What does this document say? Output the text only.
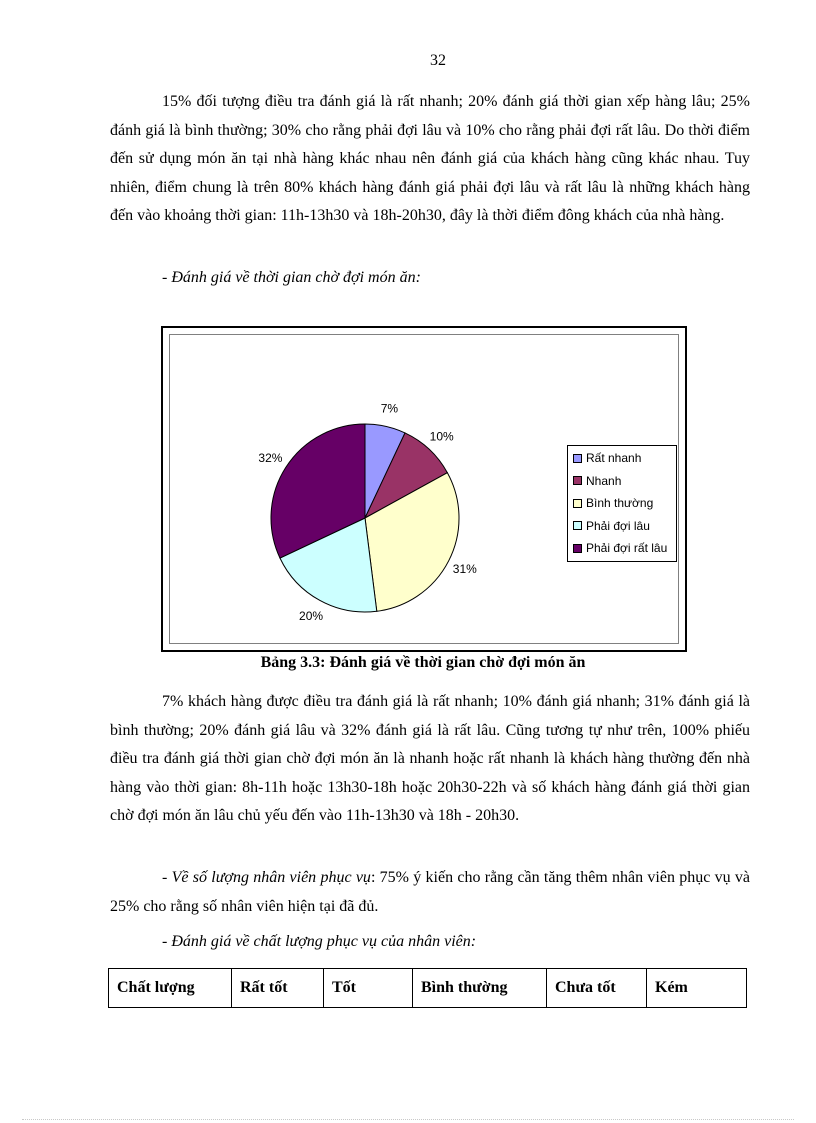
32

15% đối tượng điều tra đánh giá là rất nhanh; 20% đánh giá thời gian xếp hàng lâu; 25% đánh giá là bình thường; 30% cho rằng phải đợi lâu và 10% cho rằng phải đợi rất lâu. Do thời điểm đến sử dụng món ăn tại nhà hàng khác nhau nên đánh giá của khách hàng cũng khác nhau. Tuy nhiên, điểm chung là trên 80% khách hàng đánh giá phải đợi lâu và rất lâu là những khách hàng đến vào khoảng thời gian: 11h-13h30 và 18h-20h30, đây là thời điểm đông khách của nhà hàng.

- Đánh giá về thời gian chờ đợi món ăn:

7%
10%
31%
20%
32%	Rất nhanh
Nhanh
Bình thường
Phải đợi lâu
Phải đợi rất lâu
Bảng 3.3: Đánh giá về thời gian chờ đợi món ăn

7% khách hàng được điều tra đánh giá là rất nhanh; 10% đánh giá nhanh; 31% đánh giá là bình thường; 20% đánh giá lâu và 32% đánh giá là rất lâu. Cũng tương tự như trên, 100% phiếu điều tra đánh giá thời gian chờ đợi món ăn là nhanh hoặc rất nhanh là khách hàng thường đến nhà hàng vào thời gian: 8h-11h hoặc 13h30-18h hoặc 20h30-22h và số khách hàng đánh giá thời gian chờ đợi món ăn lâu chủ yếu đến vào 11h-13h30 và 18h - 20h30.

- Về số lượng nhân viên phục vụ: 75% ý kiến cho rằng cần tăng thêm nhân viên phục vụ và 25% cho rằng số nhân viên hiện tại đã đủ.

- Đánh giá về chất lượng phục vụ của nhân viên:

Chất lượng	Rất tốt	Tốt	Bình thường	Chưa tốt	Kém
